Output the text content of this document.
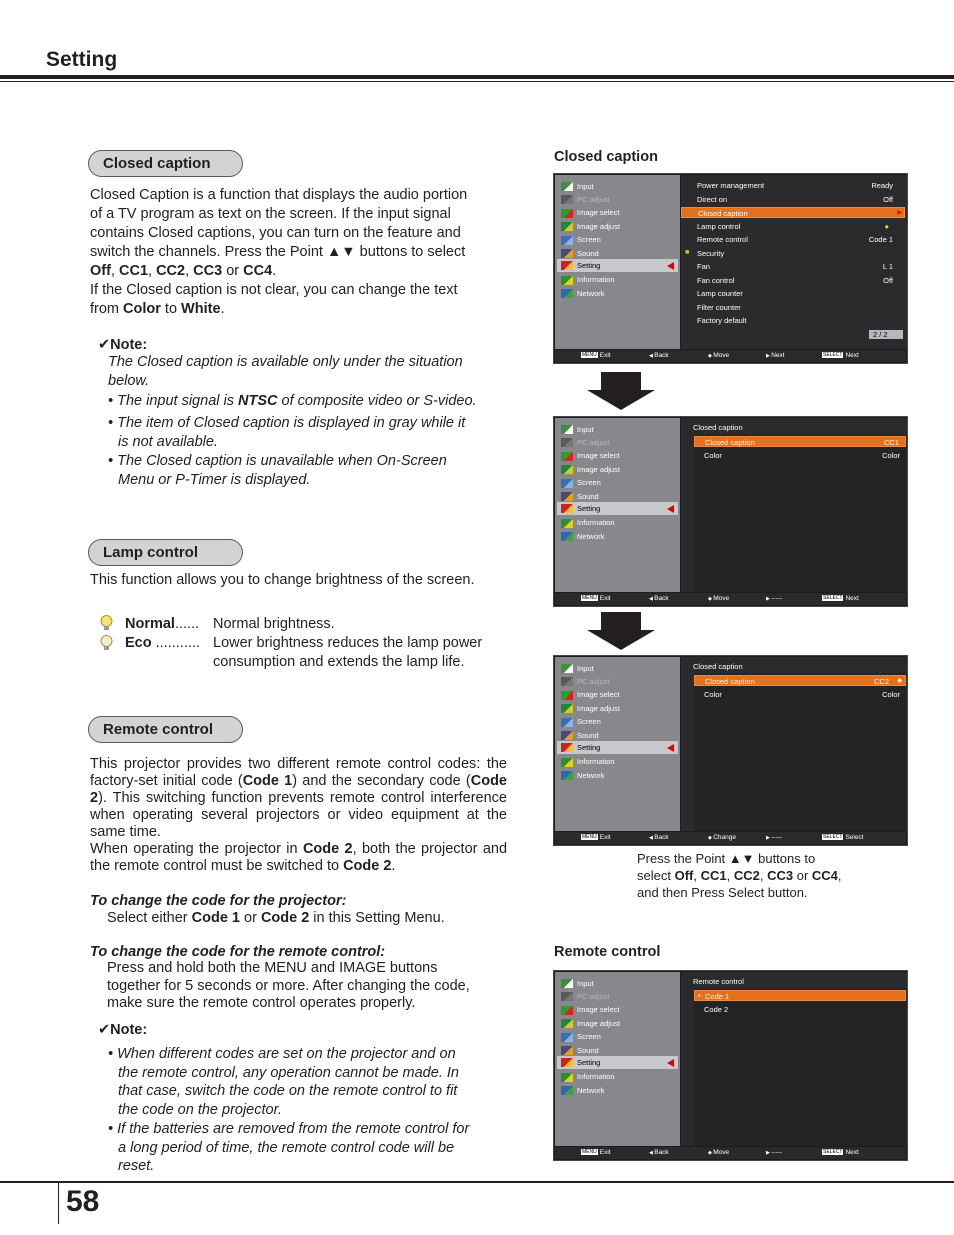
Setting
Closed caption
Closed Caption is a function that displays the audio portion
of a TV program as text on the screen. If the input signal
contains Closed captions, you can turn on the feature and
switch the channels. Press the Point ▲▼ buttons to select
Off, CC1, CC2, CC3 or CC4.
If the Closed caption is not clear, you can change the text
from Color to White.
✔Note:
The Closed caption is available only under the situation
below.
• The input signal is NTSC of composite video or S-video.
• The item of Closed caption is displayed in gray while it
is not available.
• The Closed caption is unavailable when On-Screen
Menu or P-Timer is displayed.
Lamp control
This function allows you to change brightness of the screen.
Normal...... Normal brightness.
Eco ........... Lower brightness reduces the lamp power
consumption and extends the lamp life.
Remote control
This projector provides two different remote control codes: the factory-set initial code (Code 1) and the secondary code (Code 2). This switching function prevents remote control interference when operating several projectors or video equipment at the same time.
When operating the projector in Code 2, both the projector and the remote control must be switched to Code 2.
To change the code for the projector:
Select either Code 1 or Code 2 in this Setting Menu.
To change the code for the remote control:
Press and hold both the MENU and IMAGE buttons
together for 5 seconds or more. After changing the code,
make sure the remote control operates properly.
✔Note:
• When different codes are set on the projector and on
the remote control, any operation cannot be made. In
that case, switch the code on the remote control to fit
the code on the projector.
• If the batteries are removed from the remote control for
a long period of time, the remote control code will be
reset.
Closed caption
Input
PC adjust
Image select
Image adjust
Screen
Sound
Setting
Information
Network
Power management	Ready
Direct on	Off
Closed caption	▶
Lamp control	●
Remote control	Code 1
Security
■
Fan	L 1
Fan control	Off
Lamp counter
Filter counter
Factory default
2 / 2
MENU Exit	◀ Back	◆ Move	▶ Next	SELECT Next
Input
PC adjust
Image select
Image adjust
Screen
Sound
Setting
Information
Network
Closed caption
Closed caption	CC1
Color	Color
MENU Exit	◀ Back	◆ Move	▶ -----	SELECT Next
Input
PC adjust
Image select
Image adjust
Screen
Sound
Setting
Information
Network
Closed caption
Closed caption	CC2 ◆
Color	Color
MENU Exit	◀ Back	◆ Change	▶ -----	SELECT Select
Press the Point ▲▼ buttons to
select Off, CC1, CC2, CC3 or CC4,
and then Press Select button.
Remote control
Input
PC adjust
Image select
Image adjust
Screen
Sound
Setting
Information
Network
Remote control
Code 1
•
Code 2
MENU Exit	◀ Back	◆ Move	▶ -----	SELECT Next
58
